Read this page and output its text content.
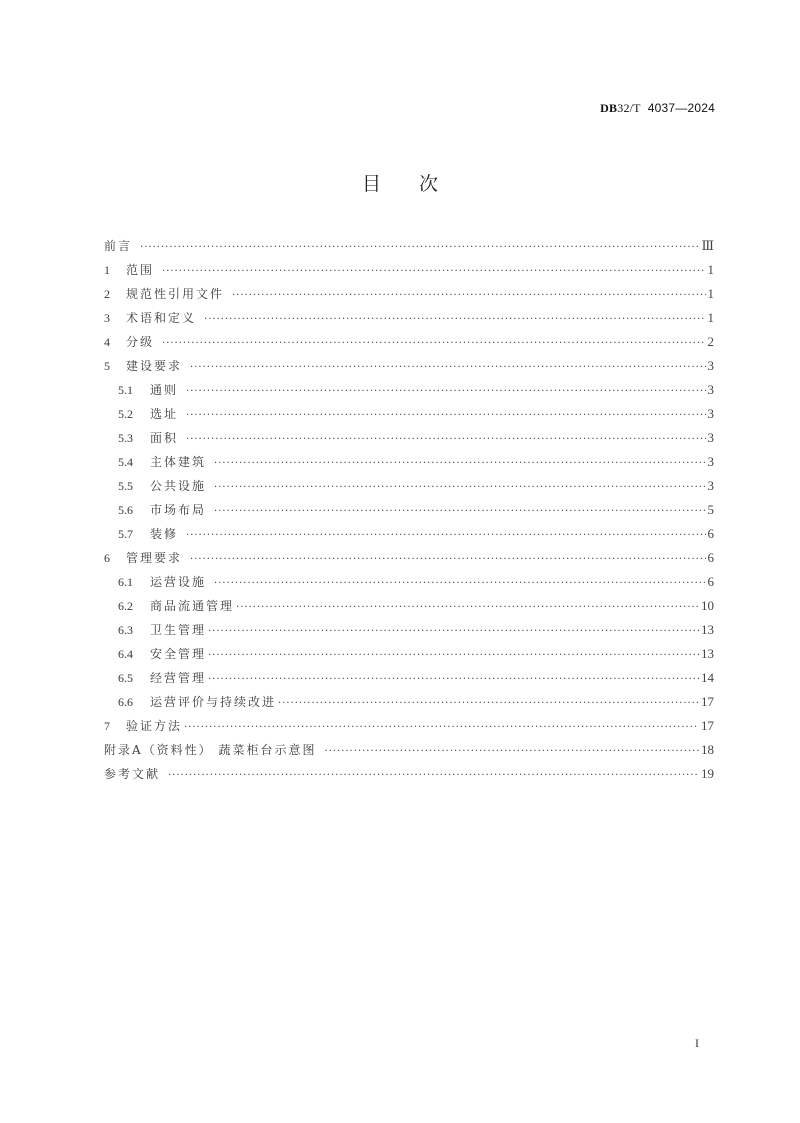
DB32/T 4037—2024
目次
前言 ·····	Ⅲ
1	范围 ·····	1
2	规范性引用文件 ·····	1
3	术语和定义 ·····	1
4	分级 ·····	2
5	建设要求 ·····	3
5.1	通则 ·····	3
5.2	选址 ·····	3
5.3	面积 ·····	3
5.4	主体建筑 ·····	3
5.5	公共设施 ·····	3
5.6	市场布局 ·····	5
5.7	装修 ·····	6
6	管理要求 ·····	6
6.1	运营设施 ·····	6
6.2	商品流通管理 ·····	10
6.3	卫生管理 ·····	13
6.4	安全管理 ·····	13
6.5	经营管理 ·····	14
6.6	运营评价与持续改进 ·····	17
7	验证方法 ·····	17
附录A（资料性） 蔬菜柜台示意图 ·····	18
参考文献 ·····	19
I
